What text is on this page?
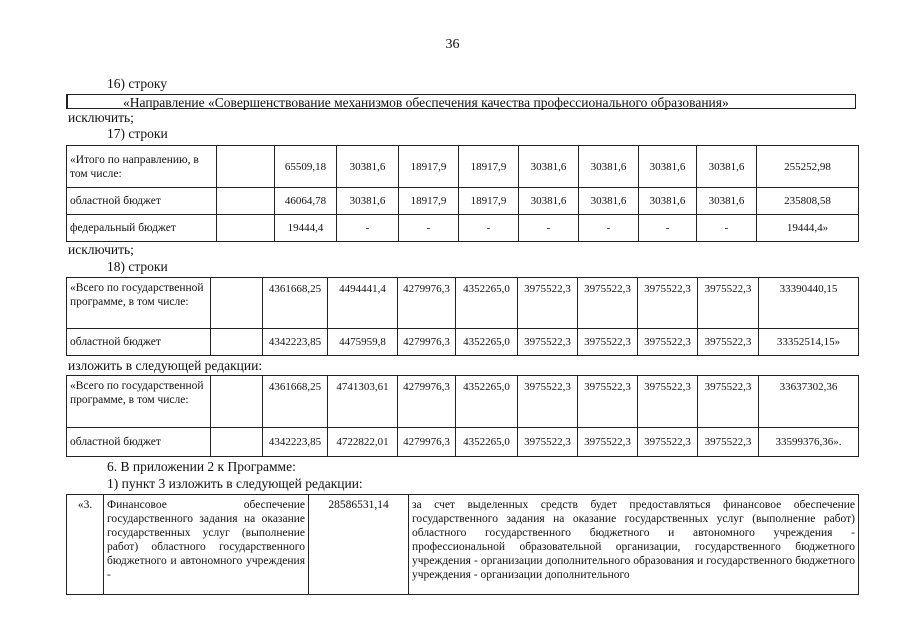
36
16) строку
«Направление «Совершенствование механизмов обеспечения качества профессионального образования»
исключить;
17) строки
«Итого по направлению, в том числе:		65509,18	30381,6	18917,9	18917,9	30381,6	30381,6	30381,6	30381,6	255252,98
областной бюджет		46064,78	30381,6	18917,9	18917,9	30381,6	30381,6	30381,6	30381,6	235808,58
федеральный бюджет		19444,4	-	-	-	-	-	-	-	19444,4»
исключить;
18) строки
«Всего по государственной программе, в том числе:		4361668,25	4494441,4	4279976,3	4352265,0	3975522,3	3975522,3	3975522,3	3975522,3	33390440,15
областной бюджет		4342223,85	4475959,8	4279976,3	4352265,0	3975522,3	3975522,3	3975522,3	3975522,3	33352514,15»
изложить в следующей редакции:
«Всего по государственной программе, в том числе:		4361668,25	4741303,61	4279976,3	4352265,0	3975522,3	3975522,3	3975522,3	3975522,3	33637302,36
областной бюджет		4342223,85	4722822,01	4279976,3	4352265,0	3975522,3	3975522,3	3975522,3	3975522,3	33599376,36».
6. В приложении 2 к Программе:
1) пункт 3 изложить в следующей редакции:
«3.	Финансовое обеспечение государственного задания на оказание государственных услуг (выполнение работ) областного государственного бюджетного и автономного учреждения -	28586531,14	за счет выделенных средств будет предоставляться финансовое обеспечение государственного задания на оказание государственных услуг (выполнение работ) областного государственного бюджетного и автономного учреждения - профессиональной образовательной организации, государственного бюджетного учреждения - организации дополнительного образования и государственного бюджетного учреждения - организации дополнительного
